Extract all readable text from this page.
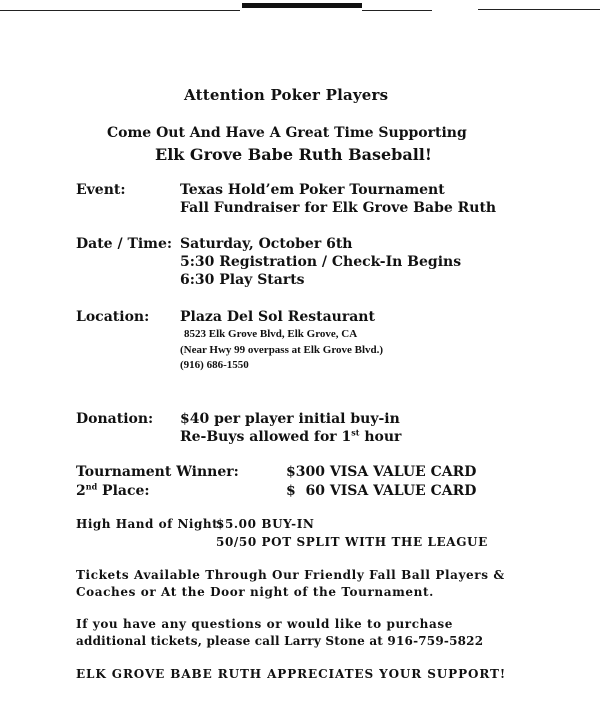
Attention Poker Players
Come Out And Have A Great Time Supporting
Elk Grove Babe Ruth Baseball!
Event:	Texas Hold’em Poker Tournament
Fall Fundraiser for Elk Grove Babe Ruth
Date / Time: Saturday, October 6th
5:30 Registration / Check-In Begins
6:30 Play Starts
Location: Plaza Del Sol Restaurant
8523 Elk Grove Blvd, Elk Grove, CA
(Near Hwy 99 overpass at Elk Grove Blvd.)
(916) 686-1550
Donation: $40 per player initial buy-in
Re-Buys allowed for 1st hour
Tournament Winner:	$300 VISA VALUE CARD
2nd Place:	$  60 VISA VALUE CARD
High Hand of Night:
$5.00 BUY-IN
50/50 POT SPLIT WITH THE LEAGUE
Tickets Available Through Our Friendly Fall Ball Players &
Coaches or At the Door night of the Tournament.
If you have any questions or would like to purchase
additional tickets, please call Larry Stone at 916-759-5822
ELK GROVE BABE RUTH APPRECIATES YOUR SUPPORT!
